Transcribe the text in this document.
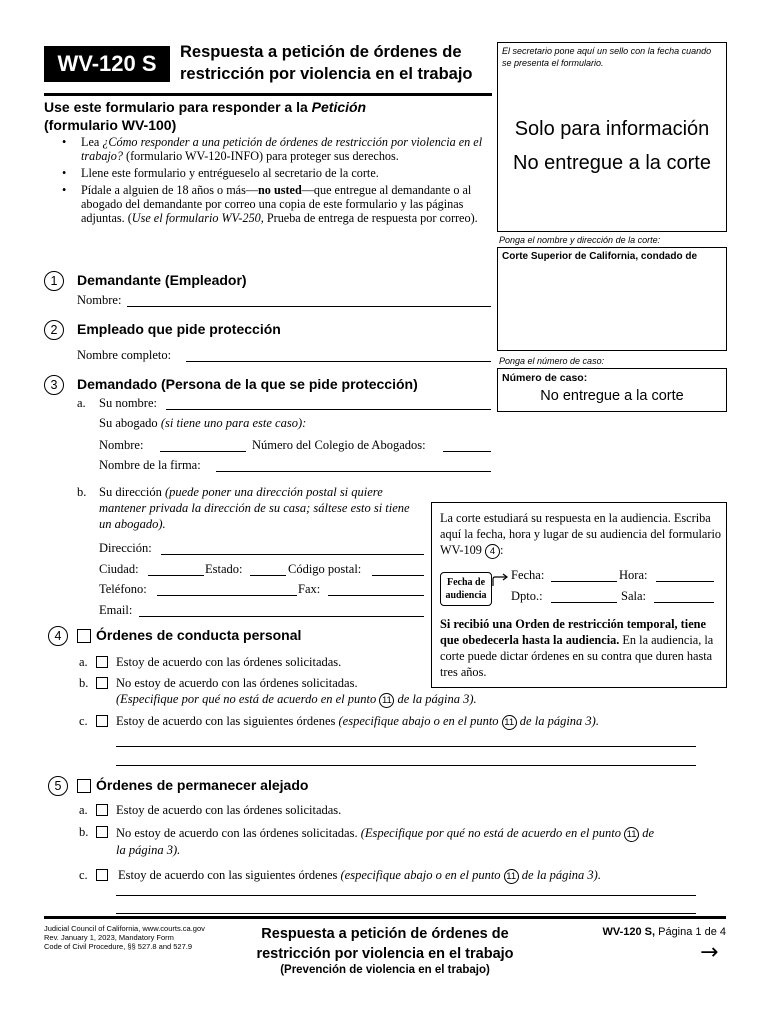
WV-120 S	Respuesta a petición de órdenes de
restricción por violencia en el trabajo
El secretario pone aquí un sello con la fecha cuando se presenta el formulario.
Solo para información
No entregue a la corte
Ponga el nombre y dirección de la corte:
Corte Superior de California, condado de
Ponga el número de caso:
Número de caso:
No entregue a la corte
Use este formulario para responder a la Petición
(formulario WV-100)
• Lea ¿Cómo responder a una petición de órdenes de restricción por violencia en el trabajo? (formulario WV-120-INFO) para proteger sus derechos.
• Llene este formulario y entrégueselo al secretario de la corte.
• Pídale a alguien de 18 años o más—no usted—que entregue al demandante o al abogado del demandante por correo una copia de este formulario y las páginas adjuntas. (Use el formulario WV-250, Prueba de entrega de respuesta por correo).
1	Demandante (Empleador)
Nombre:
2	Empleado que pide protección
Nombre completo:
3	Demandado (Persona de la que se pide protección)
a. Su nombre:
Su abogado (si tiene uno para este caso):
Nombre:	Número del Colegio de Abogados:
Nombre de la firma:
b. Su dirección (puede poner una dirección postal si quiere mantener privada la dirección de su casa; sáltese esto si tiene un abogado).
Dirección:
Ciudad:	Estado:	Código postal:
Teléfono:	Fax:
Email:
La corte estudiará su respuesta en la audiencia. Escriba aquí la fecha, hora y lugar de su audiencia del formulario WV-109 4 :
Fecha de
audiencia
Fecha:	Hora:
Dpto.:	Sala:
Si recibió una Orden de restricción temporal, tiene que obedecerla hasta la audiencia. En la audiencia, la corte puede dictar órdenes en su contra que duren hasta tres años.
4	Órdenes de conducta personal
a. Estoy de acuerdo con las órdenes solicitadas.
b. No estoy de acuerdo con las órdenes solicitadas.
(Especifique por qué no está de acuerdo en el punto 11 de la página 3).
c. Estoy de acuerdo con las siguientes órdenes (especifique abajo o en el punto 11 de la página 3).
5	Órdenes de permanecer alejado
a. Estoy de acuerdo con las órdenes solicitadas.
b. No estoy de acuerdo con las órdenes solicitadas. (Especifique por qué no está de acuerdo en el punto 11 de la página 3).
c. Estoy de acuerdo con las siguientes órdenes (especifique abajo o en el punto 11 de la página 3).
Judicial Council of California, www.courts.ca.gov
Rev. January 1, 2023, Mandatory Form
Code of Civil Procedure, §§ 527.8 and 527.9
Respuesta a petición de órdenes de
restricción por violencia en el trabajo
(Prevención de violencia en el trabajo)
WV-120 S, Página 1 de 4
→
